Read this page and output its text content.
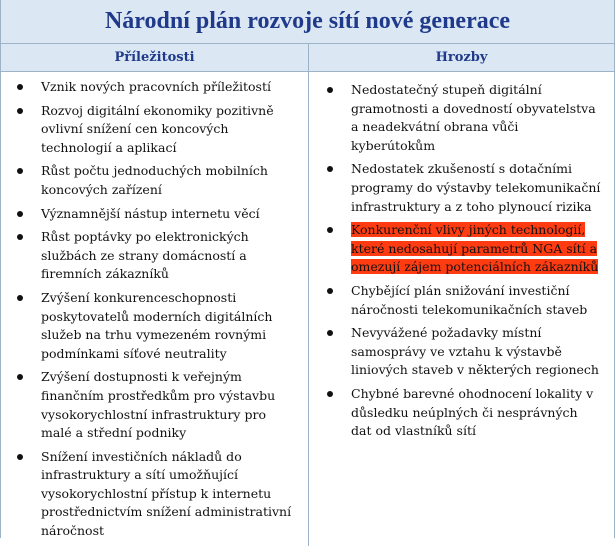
Národní plán rozvoje sítí nové generace
Příležitosti
Vznik nových pracovních příležitostí
Rozvoj digitální ekonomiky pozitivně ovlivní snížení cen koncových technologií a aplikací
Růst počtu jednoduchých mobilních koncových zařízení
Významnější nástup internetu věcí
Růst poptávky po elektronických službách ze strany domácností a firemních zákazníků
Zvýšení konkurenceschopnosti poskytovatelů moderních digitálních služeb na trhu vymezeném rovnými podmínkami síťové neutrality
Zvýšení dostupnosti k veřejným finančním prostředkům pro výstavbu vysokorychlostní infrastruktury pro malé a střední podniky
Snížení investičních nákladů do infrastruktury a sítí umožňující vysokorychlostní přístup k internetu prostřednictvím snížení administrativní náročnost
Hrozby
Nedostatečný stupeň digitální gramotnosti a dovedností obyvatelstva a neadekvátní obrana vůči kyberútokům
Nedostatek zkušeností s dotačními programy do výstavby telekomunikační infrastruktury a z toho plynoucí rizika
Konkurenční vlivy jiných technologií, které nedosahují parametrů NGA sítí a omezují zájem potenciálních zákazníků
Chybějící plán snižování investiční náročnosti telekomunikačních staveb
Nevyvážené požadavky místní samosprávy ve vztahu k výstavbě liniových staveb v některých regionech
Chybné barevné ohodnocení lokality v důsledku neúplných či nesprávných dat od vlastníků sítí
